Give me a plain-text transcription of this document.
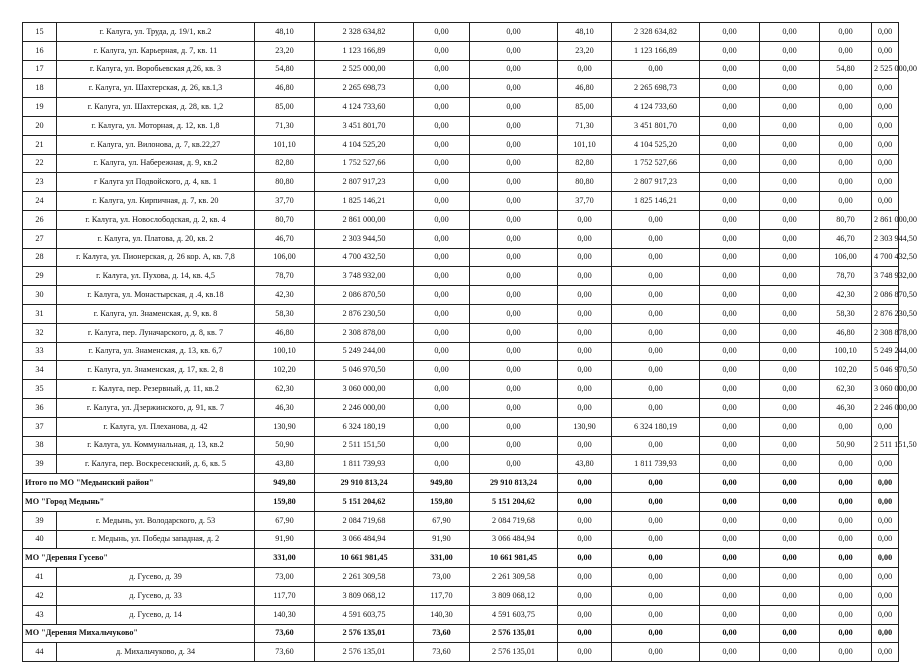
15	г. Калуга, ул. Труда, д. 19/1, кв.2	48,10	2 328 634,82	0,00	0,00	48,10	2 328 634,82	0,00	0,00	0,00	0,00
16	г. Калуга, ул. Карьерная, д. 7, кв. 11	23,20	1 123 166,89	0,00	0,00	23,20	1 123 166,89	0,00	0,00	0,00	0,00
17	г. Калуга, ул. Воробьевская д.26, кв. 3	54,80	2 525 000,00	0,00	0,00	0,00	0,00	0,00	0,00	54,80	2 525 000,00
18	г. Калуга, ул. Шахтерская, д. 26, кв.1,3	46,80	2 265 698,73	0,00	0,00	46,80	2 265 698,73	0,00	0,00	0,00	0,00
19	г. Калуга, ул. Шахтерская, д. 28, кв. 1,2	85,00	4 124 733,60	0,00	0,00	85,00	4 124 733,60	0,00	0,00	0,00	0,00
20	г. Калуга, ул. Моторная, д. 12, кв. 1,8	71,30	3 451 801,70	0,00	0,00	71,30	3 451 801,70	0,00	0,00	0,00	0,00
21	г. Калуга, ул. Вилонова, д. 7, кв.22,27	101,10	4 104 525,20	0,00	0,00	101,10	4 104 525,20	0,00	0,00	0,00	0,00
22	г. Калуга, ул. Набережная, д. 9, кв.2	82,80	1 752 527,66	0,00	0,00	82,80	1 752 527,66	0,00	0,00	0,00	0,00
23	г Калуга ул Подвойского, д. 4, кв. 1	80,80	2 807 917,23	0,00	0,00	80,80	2 807 917,23	0,00	0,00	0,00	0,00
24	г. Калуга, ул. Кирпичная, д. 7, кв. 20	37,70	1 825 146,21	0,00	0,00	37,70	1 825 146,21	0,00	0,00	0,00	0,00
26	г. Калуга, ул. Новослободская, д. 2, кв. 4	80,70	2 861 000,00	0,00	0,00	0,00	0,00	0,00	0,00	80,70	2 861 000,00
27	г. Калуга, ул. Платова, д. 20, кв. 2	46,70	2 303 944,50	0,00	0,00	0,00	0,00	0,00	0,00	46,70	2 303 944,50
28	г. Калуга, ул. Пионерская, д. 26 кор. А, кв. 7,8	106,00	4 700 432,50	0,00	0,00	0,00	0,00	0,00	0,00	106,00	4 700 432,50
29	г. Калуга, ул. Пухова, д. 14, кв. 4,5	78,70	3 748 932,00	0,00	0,00	0,00	0,00	0,00	0,00	78,70	3 748 932,00
30	г. Калуга, ул. Монастырская, д .4, кв.18	42,30	2 086 870,50	0,00	0,00	0,00	0,00	0,00	0,00	42,30	2 086 870,50
31	г. Калуга, ул. Знаменская, д. 9, кв. 8	58,30	2 876 230,50	0,00	0,00	0,00	0,00	0,00	0,00	58,30	2 876 230,50
32	г. Калуга, пер. Луначарского, д. 8, кв. 7	46,80	2 308 878,00	0,00	0,00	0,00	0,00	0,00	0,00	46,80	2 308 878,00
33	г. Калуга, ул. Знаменская, д. 13, кв. 6,7	100,10	5 249 244,00	0,00	0,00	0,00	0,00	0,00	0,00	100,10	5 249 244,00
34	г. Калуга, ул. Знаменская, д. 17, кв. 2, 8	102,20	5 046 970,50	0,00	0,00	0,00	0,00	0,00	0,00	102,20	5 046 970,50
35	г. Калуга, пер. Резервный, д. 11, кв.2	62,30	3 060 000,00	0,00	0,00	0,00	0,00	0,00	0,00	62,30	3 060 000,00
36	г. Калуга, ул. Дзержинского, д. 91, кв. 7	46,30	2 246 000,00	0,00	0,00	0,00	0,00	0,00	0,00	46,30	2 246 000,00
37	г. Калуга, ул. Плеханова, д. 42	130,90	6 324 180,19	0,00	0,00	130,90	6 324 180,19	0,00	0,00	0,00	0,00
38	г. Калуга, ул. Коммунальная, д. 13, кв.2	50,90	2 511 151,50	0,00	0,00	0,00	0,00	0,00	0,00	50,90	2 511 151,50
39	г. Калуга, пер. Воскресенский, д. 6, кв. 5	43,80	1 811 739,93	0,00	0,00	43,80	1 811 739,93	0,00	0,00	0,00	0,00
Итого по МО "Медынский район"		949,80	29 910 813,24	949,80	29 910 813,24	0,00	0,00	0,00	0,00	0,00	0,00
МО "Город Медынь"		159,80	5 151 204,62	159,80	5 151 204,62	0,00	0,00	0,00	0,00	0,00	0,00
39	г. Медынь, ул. Володарского, д. 53	67,90	2 084 719,68	67,90	2 084 719,68	0,00	0,00	0,00	0,00	0,00	0,00
40	г. Медынь, ул. Победы западная, д. 2	91,90	3 066 484,94	91,90	3 066 484,94	0,00	0,00	0,00	0,00	0,00	0,00
МО "Деревня Гусево"		331,00	10 661 981,45	331,00	10 661 981,45	0,00	0,00	0,00	0,00	0,00	0,00
41	д. Гусево, д. 39	73,00	2 261 309,58	73,00	2 261 309,58	0,00	0,00	0,00	0,00	0,00	0,00
42	д. Гусево, д. 33	117,70	3 809 068,12	117,70	3 809 068,12	0,00	0,00	0,00	0,00	0,00	0,00
43	д. Гусево, д. 14	140,30	4 591 603,75	140,30	4 591 603,75	0,00	0,00	0,00	0,00	0,00	0,00
МО "Деревня Михальчуково"		73,60	2 576 135,01	73,60	2 576 135,01	0,00	0,00	0,00	0,00	0,00	0,00
44	д. Михальчуково, д. 34	73,60	2 576 135,01	73,60	2 576 135,01	0,00	0,00	0,00	0,00	0,00	0,00
